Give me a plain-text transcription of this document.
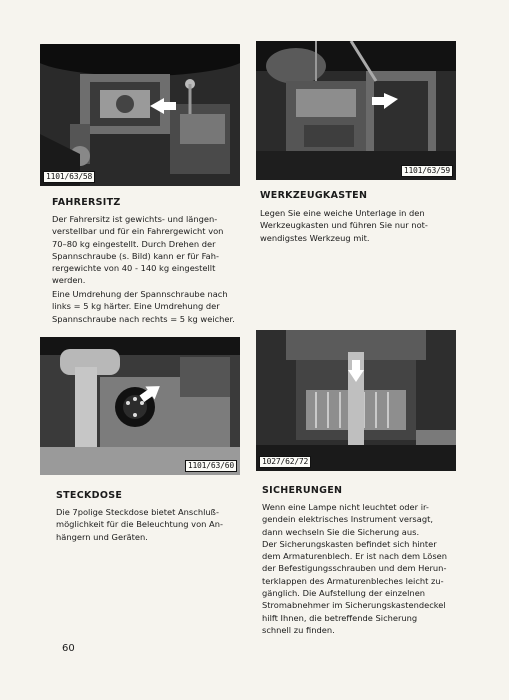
1101/63/58
1101/63/59
1101/63/60	1027/62/72
FAHRERSITZ
Der Fahrersitz ist gewichts- und längen-
verstellbar und für ein Fahrergewicht von
70–80 kg eingestellt. Durch Drehen der
Spannschraube (s. Bild) kann er für Fah-
rergewichte von 40 - 140 kg eingestellt
werden.
Eine Umdrehung der Spannschraube nach
links = 5 kg härter. Eine Umdrehung der
Spannschraube nach rechts = 5 kg weicher.
WERKZEUGKASTEN
Legen Sie eine weiche Unterlage in den
Werkzeugkasten und führen Sie nur not-
wendigstes Werkzeug mit.
STECKDOSE
Die 7polige Steckdose bietet Anschluß-
möglichkeit für die Beleuchtung von An-
hängern und Geräten.
SICHERUNGEN
Wenn eine Lampe nicht leuchtet oder ir-
gendein elektrisches Instrument versagt,
dann wechseln Sie die Sicherung aus.
Der Sicherungskasten befindet sich hinter
dem Armaturenblech. Er ist nach dem Lösen
der Befestigungsschrauben und dem Herun-
terklappen des Armaturenbleches leicht zu-
gänglich. Die Aufstellung der einzelnen
Stromabnehmer im Sicherungskastendeckel
hilft Ihnen, die betreffende Sicherung
schnell zu finden.
60
